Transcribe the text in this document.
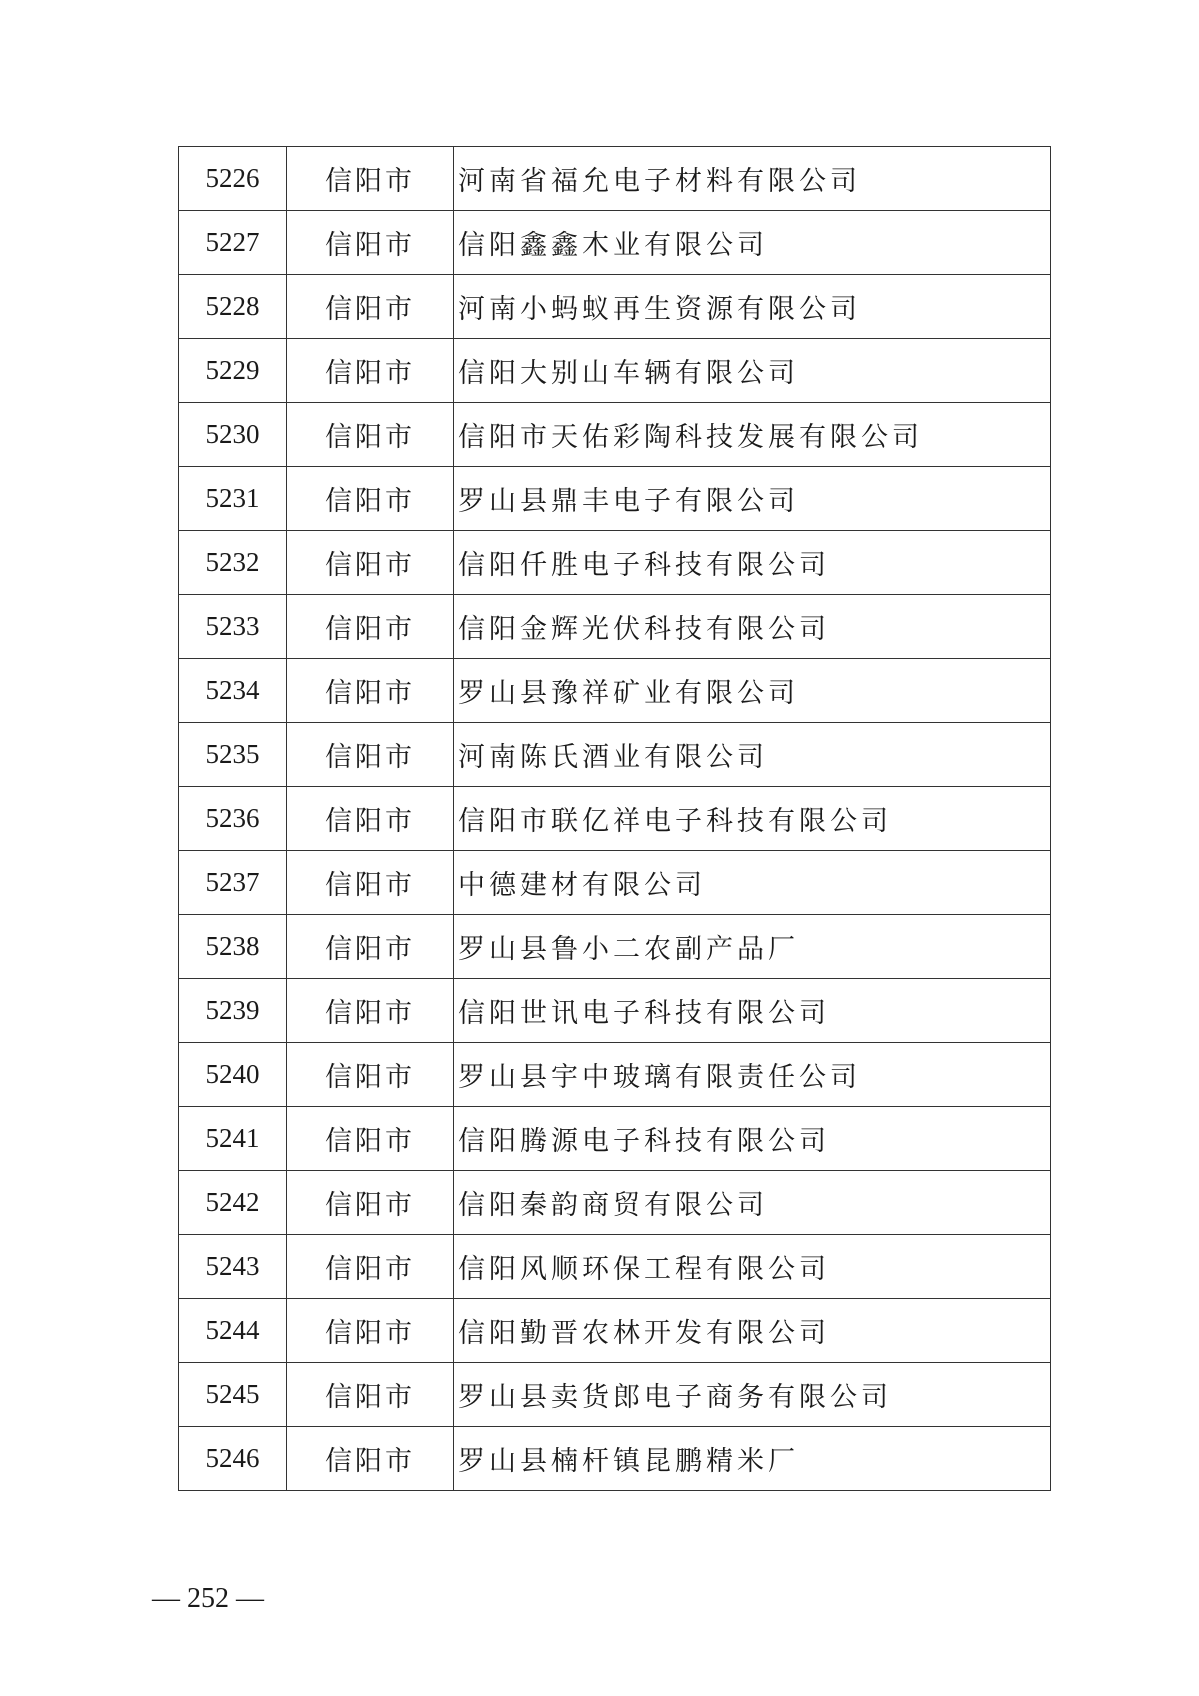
5226	信阳市	河南省福允电子材料有限公司
5227	信阳市	信阳鑫鑫木业有限公司
5228	信阳市	河南小蚂蚁再生资源有限公司
5229	信阳市	信阳大别山车辆有限公司
5230	信阳市	信阳市天佑彩陶科技发展有限公司
5231	信阳市	罗山县鼎丰电子有限公司
5232	信阳市	信阳仟胜电子科技有限公司
5233	信阳市	信阳金辉光伏科技有限公司
5234	信阳市	罗山县豫祥矿业有限公司
5235	信阳市	河南陈氏酒业有限公司
5236	信阳市	信阳市联亿祥电子科技有限公司
5237	信阳市	中德建材有限公司
5238	信阳市	罗山县鲁小二农副产品厂
5239	信阳市	信阳世讯电子科技有限公司
5240	信阳市	罗山县宇中玻璃有限责任公司
5241	信阳市	信阳腾源电子科技有限公司
5242	信阳市	信阳秦韵商贸有限公司
5243	信阳市	信阳风顺环保工程有限公司
5244	信阳市	信阳勤晋农林开发有限公司
5245	信阳市	罗山县卖货郎电子商务有限公司
5246	信阳市	罗山县楠杆镇昆鹏精米厂
— 252 —
